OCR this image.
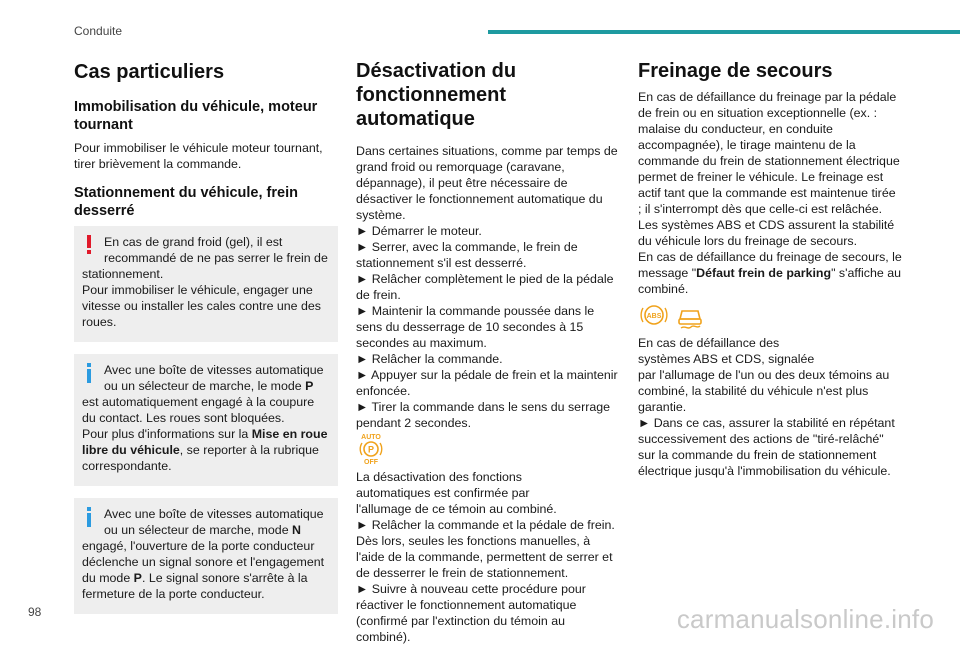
Conduite
Cas particuliers
Immobilisation du véhicule, moteur tournant

Pour immobiliser le véhicule moteur tournant, tirer brièvement la commande.

Stationnement du véhicule, frein desserré

En cas de grand froid (gel), il est
recommandé de ne pas serrer le frein de
stationnement.
Pour immobiliser le véhicule, engager une vitesse ou installer les cales contre une des roues.

Avec une boîte de vitesses automatique
ou un sélecteur de marche, le mode P
est automatiquement engagé à la coupure du contact. Les roues sont bloquées.
Pour plus d'informations sur la Mise en roue libre du véhicule, se reporter à la rubrique correspondante.

Avec une boîte de vitesses automatique
ou un sélecteur de marche, mode N
engagé, l'ouverture de la porte conducteur déclenche un signal sonore et l'engagement du mode P. Le signal sonore s'arrête à la fermeture de la porte conducteur.

Désactivation du fonctionnement automatique
Dans certaines situations, comme par temps de grand froid ou remorquage (caravane, dépannage), il peut être nécessaire de désactiver le fonctionnement automatique du système.
► Démarrer le moteur.
► Serrer, avec la commande, le frein de stationnement s'il est desserré.
► Relâcher complètement le pied de la pédale de frein.
► Maintenir la commande poussée dans le sens du desserrage de 10 secondes à 15 secondes au maximum.
► Relâcher la commande.
► Appuyer sur la pédale de frein et la maintenir enfoncée.
► Tirer la commande dans le sens du serrage pendant 2 secondes.
AUTO
P
OFF
La désactivation des fonctions
automatiques est confirmée par
l'allumage de ce témoin au combiné.
► Relâcher la commande et la pédale de frein.
Dès lors, seules les fonctions manuelles, à l'aide de la commande, permettent de serrer et de desserrer le frein de stationnement.
► Suivre à nouveau cette procédure pour réactiver le fonctionnement automatique (confirmé par l'extinction du témoin au combiné).
Freinage de secours
En cas de défaillance du freinage par la pédale de frein ou en situation exceptionnelle (ex. : malaise du conducteur, en conduite accompagnée), le tirage maintenu de la commande du frein de stationnement électrique permet de freiner le véhicule. Le freinage est actif tant que la commande est maintenue tirée ; il s'interrompt dès que celle-ci est relâchée.
Les systèmes ABS et CDS assurent la stabilité du véhicule lors du freinage de secours.
En cas de défaillance du freinage de secours, le message "Défaut frein de parking" s'affiche au combiné.
ABS
En cas de défaillance des
systèmes ABS et CDS, signalée
par l'allumage de l'un ou des deux témoins au combiné, la stabilité du véhicule n'est plus garantie.
► Dans ce cas, assurer la stabilité en répétant successivement des actions de "tiré-relâché" sur la commande du frein de stationnement électrique jusqu'à l'immobilisation du véhicule.
98	carmanualsonline.info
